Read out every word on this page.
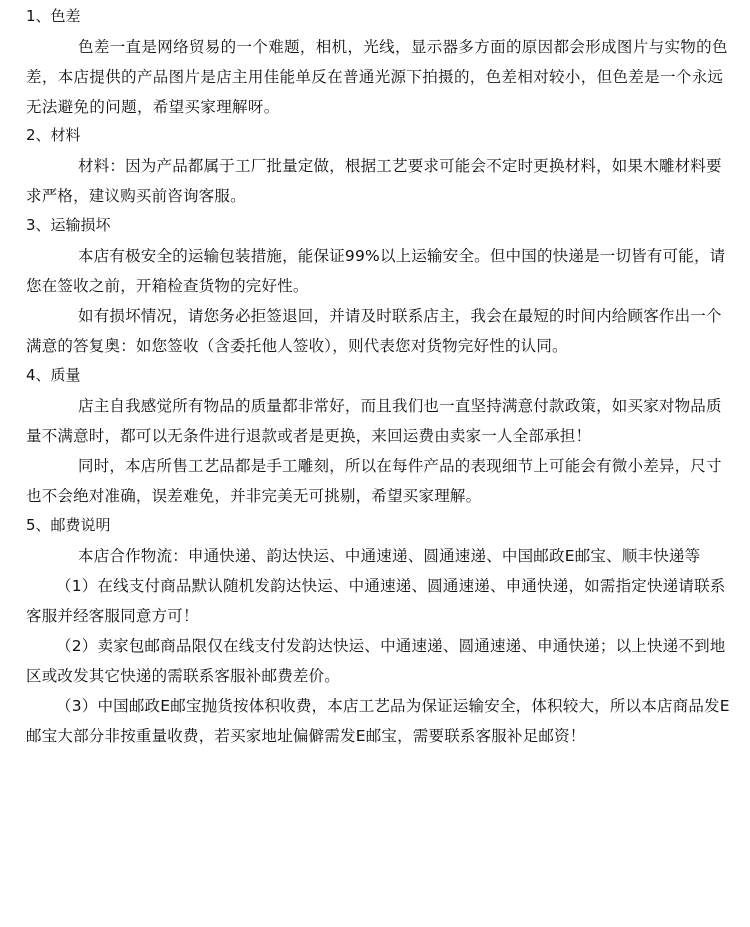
1、色差

色差一直是网络贸易的一个难题，相机，光线，显示器多方面的原因都会形成图片与实物的色差，本店提供的产品图片是店主用佳能单反在普通光源下拍摄的，色差相对较小，但色差是一个永远无法避免的问题，希望买家理解呀。

2、材料

材料：因为产品都属于工厂批量定做，根据工艺要求可能会不定时更换材料，如果木雕材料要求严格，建议购买前咨询客服。

3、运输损坏

本店有极安全的运输包装措施，能保证99%以上运输安全。但中国的快递是一切皆有可能，请您在签收之前，开箱检查货物的完好性。

如有损坏情况，请您务必拒签退回，并请及时联系店主，我会在最短的时间内给顾客作出一个满意的答复奥：如您签收（含委托他人签收），则代表您对货物完好性的认同。

4、质量

店主自我感觉所有物品的质量都非常好，而且我们也一直坚持满意付款政策，如买家对物品质量不满意时，都可以无条件进行退款或者是更换，来回运费由卖家一人全部承担！

同时，本店所售工艺品都是手工雕刻，所以在每件产品的表现细节上可能会有微小差异，尺寸也不会绝对准确，误差难免，并非完美无可挑剔，希望买家理解。

5、邮费说明

本店合作物流：申通快递、韵达快运、中通速递、圆通速递、中国邮政E邮宝、顺丰快递等

（1）在线支付商品默认随机发韵达快运、中通速递、圆通速递、申通快递，如需指定快递请联系客服并经客服同意方可！

（2）卖家包邮商品限仅在线支付发韵达快运、中通速递、圆通速递、申通快递；以上快递不到地区或改发其它快递的需联系客服补邮费差价。

（3）中国邮政E邮宝抛货按体积收费，本店工艺品为保证运输安全，体积较大，所以本店商品发E邮宝大部分非按重量收费，若买家地址偏僻需发E邮宝，需要联系客服补足邮资！
